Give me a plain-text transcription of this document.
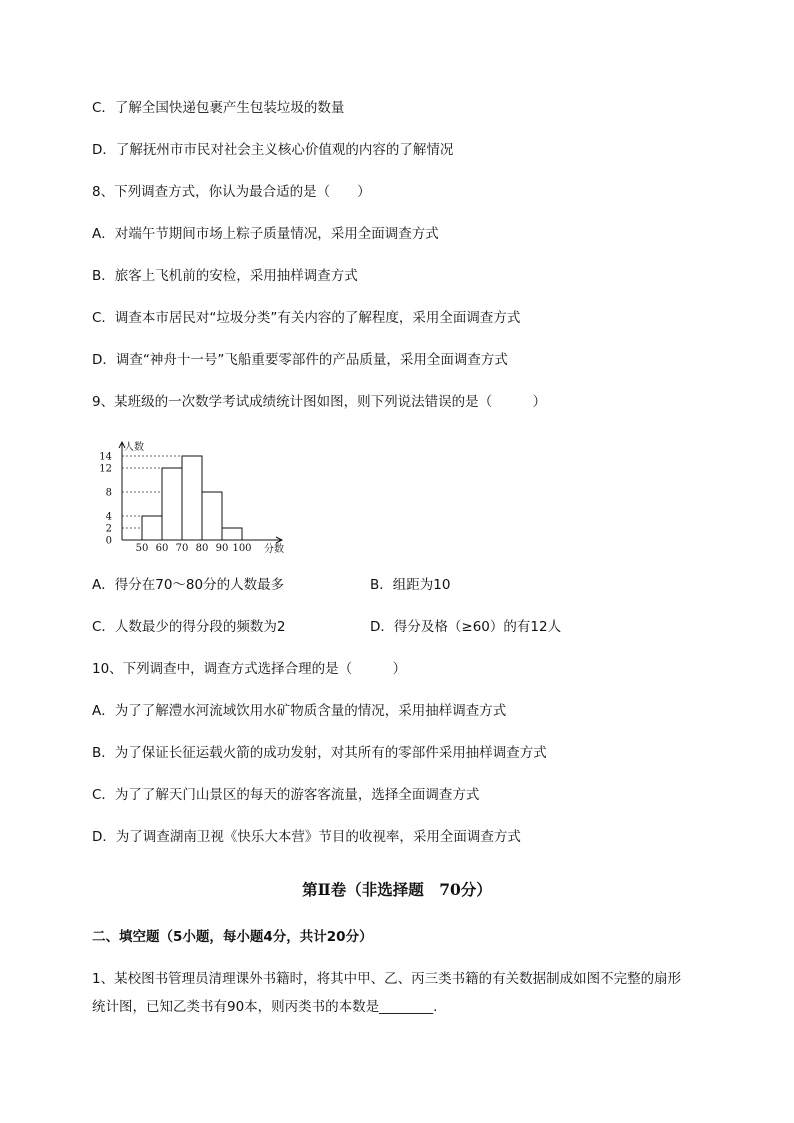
C．了解全国快递包裹产生包装垃圾的数量
D．了解抚州市市民对社会主义核心价值观的内容的了解情况
8、下列调查方式，你认为最合适的是（　　）
A．对端午节期间市场上粽子质量情况，采用全面调查方式
B．旅客上飞机前的安检，采用抽样调查方式
C．调查本市居民对“垃圾分类”有关内容的了解程度，采用全面调查方式
D．调查“神舟十一号”飞船重要零部件的产品质量，采用全面调查方式
9、某班级的一次数学考试成绩统计图如图，则下列说法错误的是（　　　）
2
4
8
12
14
50 60 70 80 90 100
0
人数
分数
A．得分在70～80分的人数最多	B．组距为10
C．人数最少的得分段的频数为2	D．得分及格（≥60）的有12人
10、下列调查中，调查方式选择合理的是（　　　）
A．为了了解澧水河流域饮用水矿物质含量的情况，采用抽样调查方式
B．为了保证长征运载火箭的成功发射，对其所有的零部件采用抽样调查方式
C．为了了解天门山景区的每天的游客客流量，选择全面调查方式
D．为了调查湖南卫视《快乐大本营》节目的收视率，采用全面调查方式
第Ⅱ卷（非选择题　70分）
二、填空题（5小题，每小题4分，共计20分）
1、某校图书管理员清理课外书籍时，将其中甲、乙、丙三类书籍的有关数据制成如图不完整的扇形
统计图，已知乙类书有90本，则丙类书的本数是________.
